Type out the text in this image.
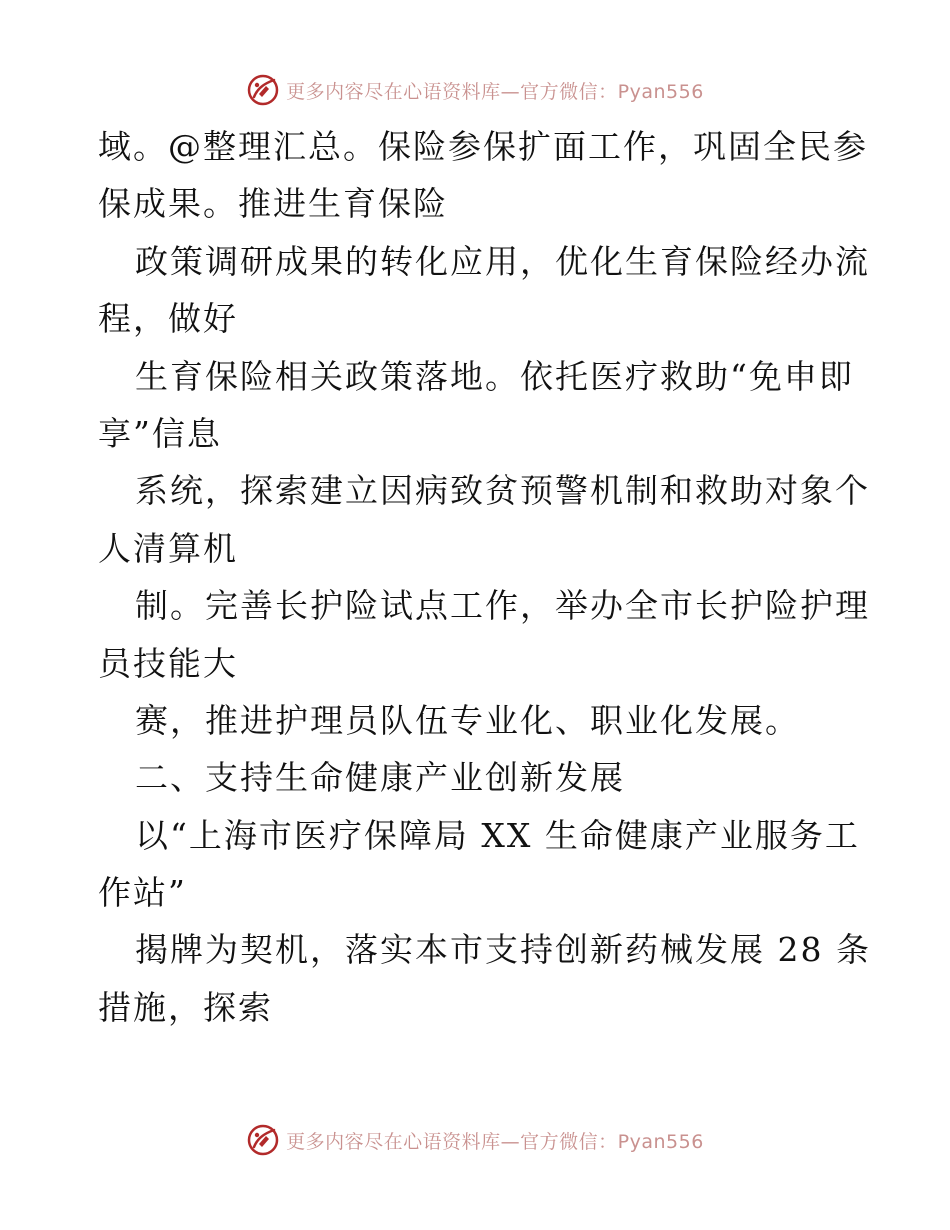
更多内容尽在心语资料库—官方微信：Pyan556
域。@整理汇总。保险参保扩面工作，巩固全民参
保成果。推进生育保险
政策调研成果的转化应用，优化生育保险经办流
程，做好
生育保险相关政策落地。依托医疗救助“免申即
享”信息
系统，探索建立因病致贫预警机制和救助对象个
人清算机
制。完善长护险试点工作，举办全市长护险护理
员技能大
赛，推进护理员队伍专业化、职业化发展。
二、支持生命健康产业创新发展
以“上海市医疗保障局 XX 生命健康产业服务工
作站”
揭牌为契机，落实本市支持创新药械发展 28 条
措施，探索
更多内容尽在心语资料库—官方微信：Pyan556
